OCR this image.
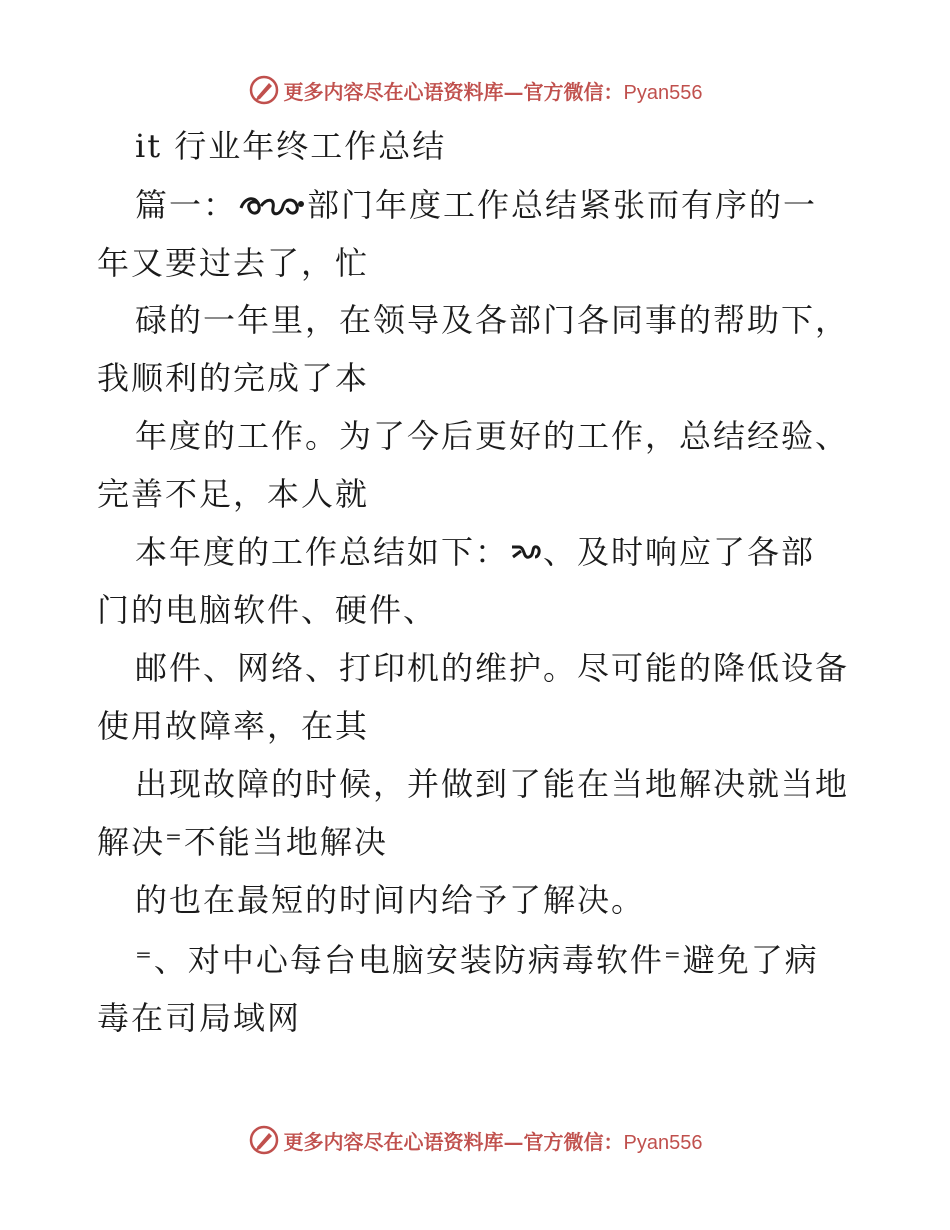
更多内容尽在心语资料库—官方微信：Pyan556
it 行业年终工作总结
篇一： 部门年度工作总结紧张而有序的一
年又要过去了，忙
碌的一年里，在领导及各部门各同事的帮助下，
我顺利的完成了本
年度的工作。为了今后更好的工作，总结经验、
完善不足，本人就
本年度的工作总结如下： 、及时响应了各部
门的电脑软件、硬件、
邮件、网络、打印机的维护。尽可能的降低设备
使用故障率，在其
出现故障的时候，并做到了能在当地解决就当地
解决⁼不能当地解决
的也在最短的时间内给予了解决。
⁼、对中心每台电脑安装防病毒软件⁼避免了病
毒在司局域网
更多内容尽在心语资料库—官方微信：Pyan556
